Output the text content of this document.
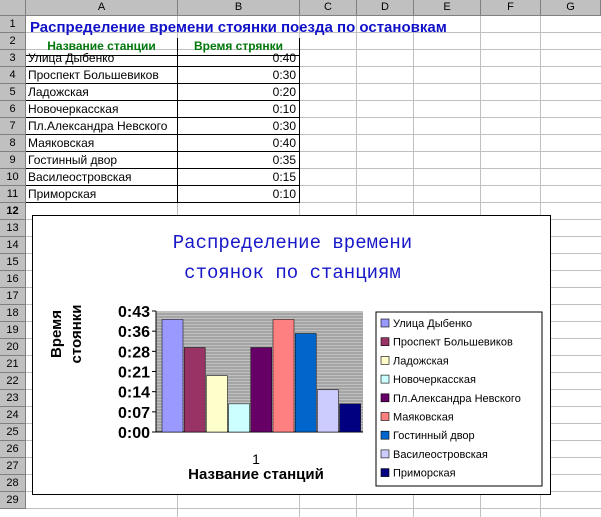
A	B	C	D	E	F	G
1
2
3
4
5
6
7
8
9
10
11
12
13
14
15
16
17
18
19
20
21
22
23
24
25
26
27
28
29
Распределение времени стоянки поезда по остановкам
Название станции	Время стрянки
Улица Дыбенко	0:40
Проспект Большевиков	0:30
Ладожская	0:20
Новочеркасская	0:10
Пл.Александра Невского	0:30
Маяковская	0:40
Гостинный двор	0:35
Василеостровская	0:15
Приморская	0:10
Распределение времени
стоянок по станциям
Время стоянки
1
Название станций
0:43
0:36
0:28
0:21
0:14
0:07
0:00
Улица Дыбенко
Проспект Большевиков
Ладожская
Новочеркасская
Пл.Александра Невского
Маяковская
Гостинный двор
Василеостровская
Приморская
